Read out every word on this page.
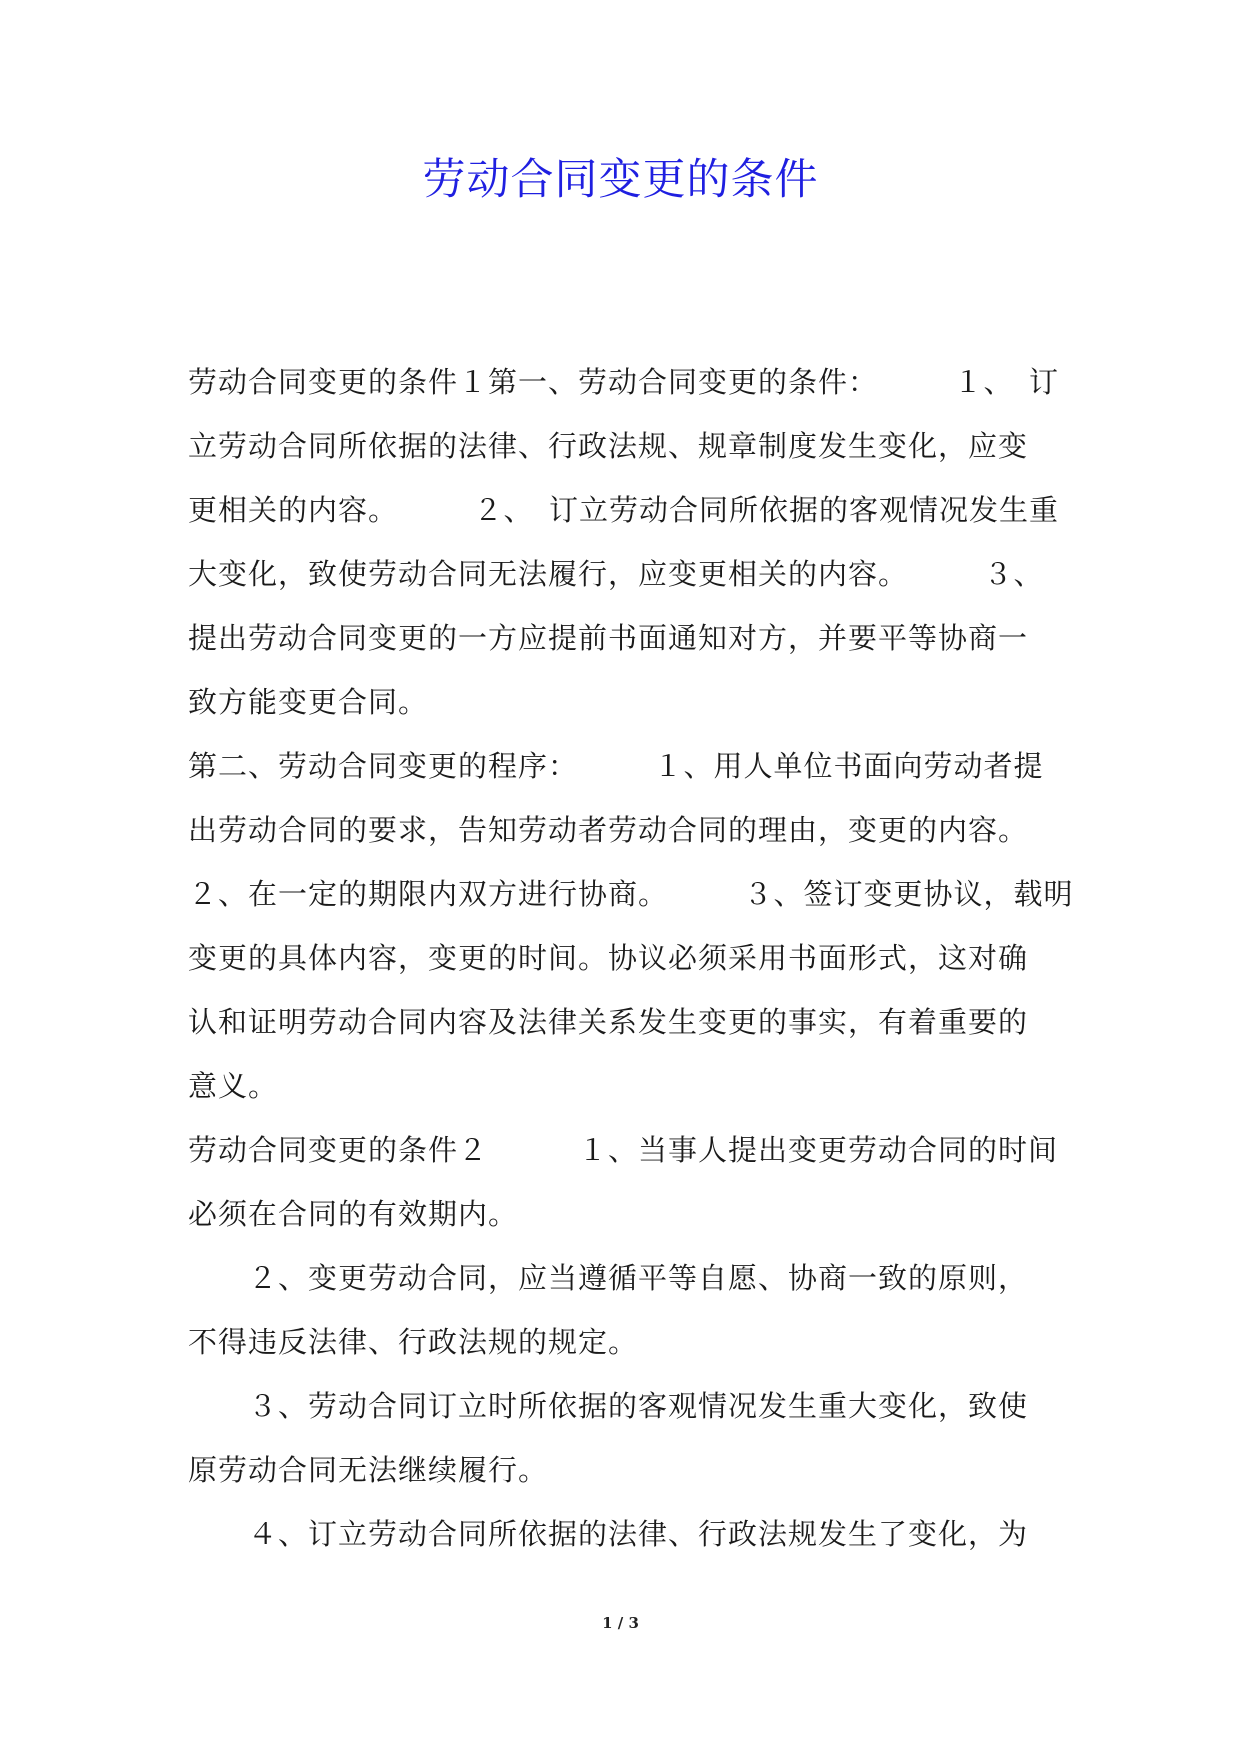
劳动合同变更的条件
劳动合同变更的条件１第一、劳动合同变更的条件：　　　１、　订
立劳动合同所依据的法律、行政法规、规章制度发生变化，应变
更相关的内容。　　　２、　订立劳动合同所依据的客观情况发生重
大变化，致使劳动合同无法履行，应变更相关的内容。　　　３、
提出劳动合同变更的一方应提前书面通知对方，并要平等协商一
致方能变更合同。
第二、劳动合同变更的程序：　　　１、用人单位书面向劳动者提
出劳动合同的要求，告知劳动者劳动合同的理由，变更的内容。
２、在一定的期限内双方进行协商。　　　３、签订变更协议，载明
变更的具体内容，变更的时间。协议必须采用书面形式，这对确
认和证明劳动合同内容及法律关系发生变更的事实，有着重要的
意义。
劳动合同变更的条件２　　　１、当事人提出变更劳动合同的时间
必须在合同的有效期内。
　　２、变更劳动合同，应当遵循平等自愿、协商一致的原则，
不得违反法律、行政法规的规定。
　　３、劳动合同订立时所依据的客观情况发生重大变化，致使
原劳动合同无法继续履行。
　　４、订立劳动合同所依据的法律、行政法规发生了变化，为
1 / 3
